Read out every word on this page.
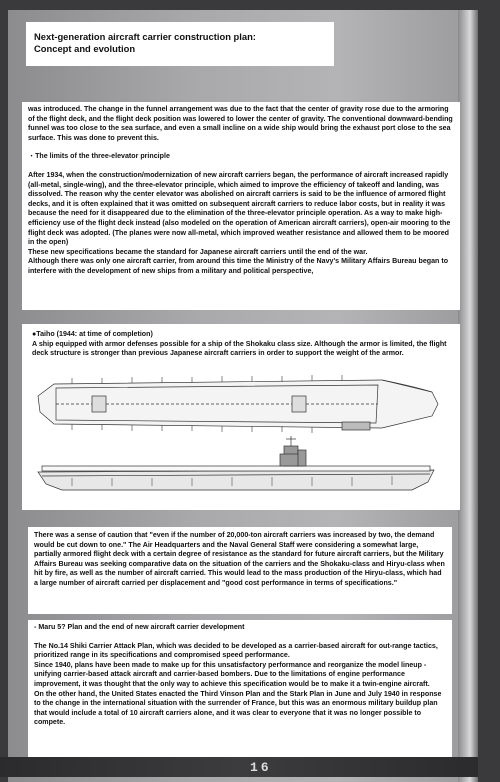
Next-generation aircraft carrier construction plan:
Concept and evolution

was introduced. The change in the funnel arrangement was due to the fact that the center of gravity rose due to the armoring of the flight deck, and the flight deck position was lowered to lower the center of gravity. The conventional downward-bending funnel was too close to the sea surface, and even a small incline on a wide ship would bring the exhaust port close to the sea surface. This was done to prevent this.

・The limits of the three-elevator principle

After 1934, when the construction/modernization of new aircraft carriers began, the performance of aircraft increased rapidly (all-metal, single-wing), and the three-elevator principle, which aimed to improve the efficiency of takeoff and landing, was dissolved. The reason why the center elevator was abolished on aircraft carriers is said to be the influence of armored flight decks, and it is often explained that it was omitted on subsequent aircraft carriers to reduce labor costs, but in reality it was because the need for it disappeared due to the elimination of the three-elevator principle operation. As a way to make high-efficiency use of the flight deck instead (also modeled on the operation of American aircraft carriers), open-air mooring to the flight deck was adopted. (The planes were now all-metal, which improved weather resistance and allowed them to be moored in the open)
These new specifications became the standard for Japanese aircraft carriers until the end of the war.
Although there was only one aircraft carrier, from around this time the Ministry of the Navy's Military Affairs Bureau began to interfere with the development of new ships from a military and political perspective,
●Taiho (1944: at time of completion)
A ship equipped with armor defenses possible for a ship of the Shokaku class size. Although the armor is limited, the flight deck structure is stronger than previous Japanese aircraft carriers in order to support the weight of the armor.
There was a sense of caution that "even if the number of 20,000-ton aircraft carriers was increased by two, the demand would be cut down to one." The Air Headquarters and the Naval General Staff were considering a somewhat large, partially armored flight deck with a certain degree of resistance as the standard for future aircraft carriers, but the Military Affairs Bureau was seeking comparative data on the situation of the carriers and the Shokaku-class and Hiryu-class when hit by fire, as well as the number of aircraft carried. This would lead to the mass production of the Hiryu-class, which had a large number of aircraft carried per displacement and "good cost performance in terms of specifications."

- Maru 5? Plan and the end of new aircraft carrier development

The No.14 Shiki Carrier Attack Plan, which was decided to be developed as a carrier-based aircraft for out-range tactics, prioritized range in its specifications and compromised speed performance.
Since 1940, plans have been made to make up for this unsatisfactory performance and reorganize the model lineup - unifying carrier-based attack aircraft and carrier-based bombers. Due to the limitations of engine performance improvement, it was thought that the only way to achieve this specification would be to make it a twin-engine aircraft.
On the other hand, the United States enacted the Third Vinson Plan and the Stark Plan in June and July 1940 in response to the change in the international situation with the surrender of France, but this was an enormous military buildup plan that would include a total of 10 aircraft carriers alone, and it was clear to everyone that it was no longer possible to compete.
16
